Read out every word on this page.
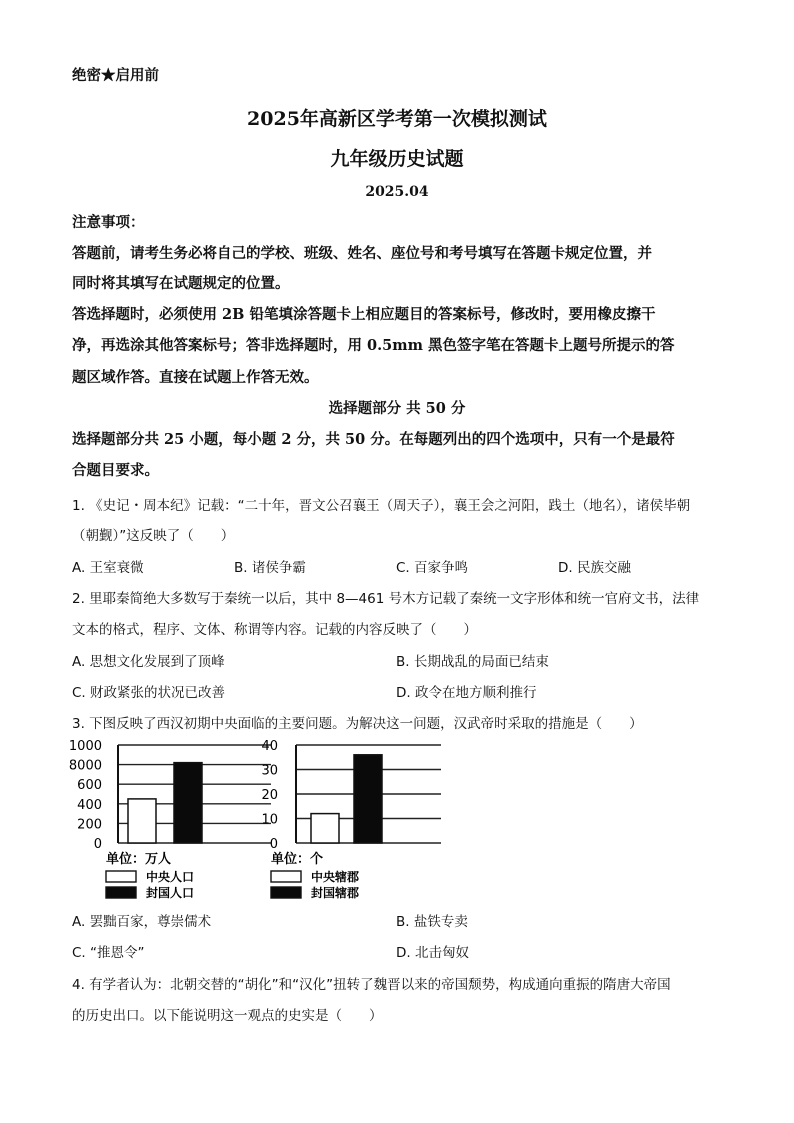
绝密★启用前
2025年高新区学考第一次模拟测试
九年级历史试题
2025.04
注意事项：
答题前，请考生务必将自己的学校、班级、姓名、座位号和考号填写在答题卡规定位置，并
同时将其填写在试题规定的位置。
答选择题时，必须使用 2B 铅笔填涂答题卡上相应题目的答案标号，修改时，要用橡皮擦干
净，再选涂其他答案标号；答非选择题时，用 0.5mm 黑色签字笔在答题卡上题号所提示的答
题区域作答。直接在试题上作答无效。
选择题部分 共 50 分
选择题部分共 25 小题，每小题 2 分，共 50 分。在每题列出的四个选项中，只有一个是最符
合题目要求。
1. 《史记・周本纪》记载：“二十年，晋文公召襄王（周天子），襄王会之河阳，践土（地名），诸侯毕朝
（朝觐）”这反映了（　　）
A. 王室衰微	B. 诸侯争霸	C. 百家争鸣	D. 民族交融
2. 里耶秦简绝大多数写于秦统一以后，其中 8—461 号木方记载了秦统一文字形体和统一官府文书，法律
文本的格式，程序、文体、称谓等内容。记载的内容反映了（　　）
A. 思想文化发展到了顶峰	B. 长期战乱的局面已结束
C. 财政紧张的状况已改善	D. 政令在地方顺利推行
3. 下图反映了西汉初期中央面临的主要问题。为解决这一问题，汉武帝时采取的措施是（　　）
1000
8000
600
400
200
0
单位：万人
中央人口
封国人口
40
30
20
10
0
单位：个
中央辖郡
封国辖郡
A. 罢黜百家，尊崇儒术	B. 盐铁专卖
C. “推恩令”	D. 北击匈奴
4. 有学者认为：北朝交替的“胡化”和“汉化”扭转了魏晋以来的帝国颓势，构成通向重振的隋唐大帝国
的历史出口。以下能说明这一观点的史实是（　　）
